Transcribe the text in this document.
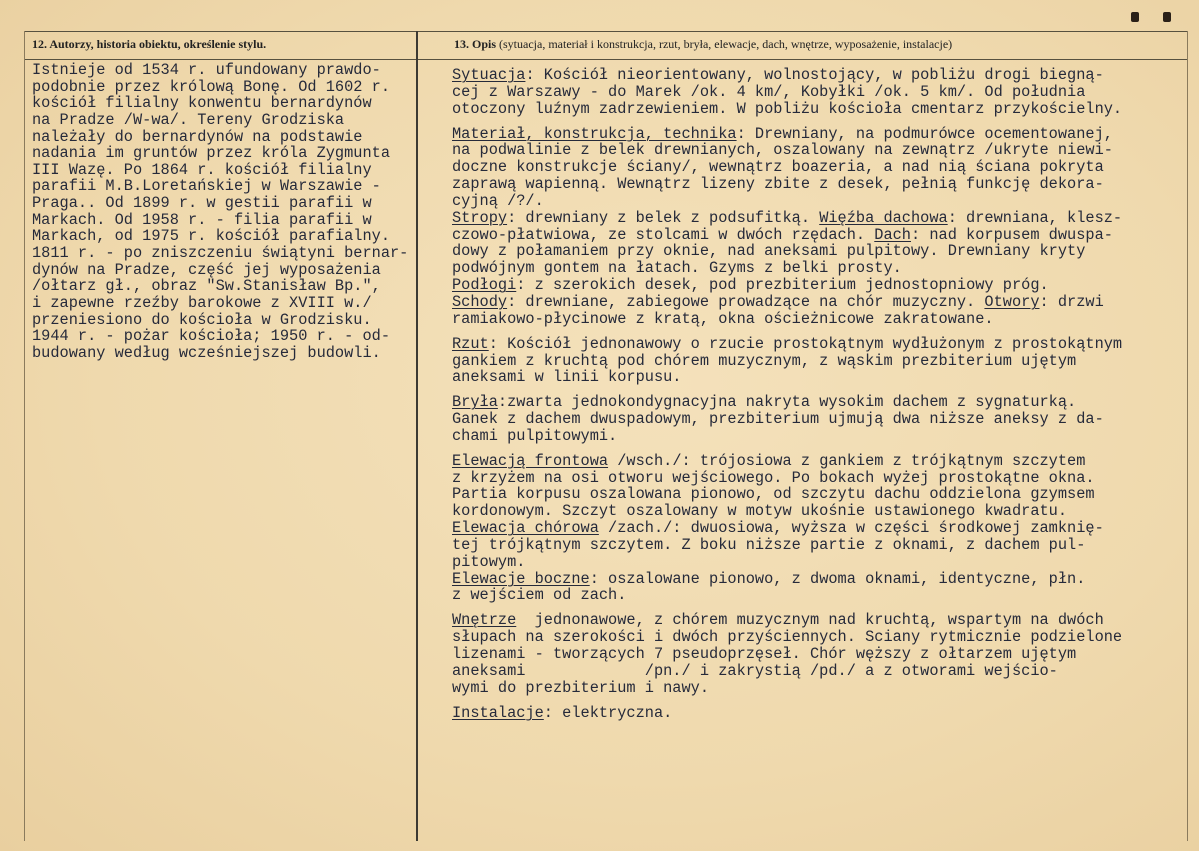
12. Autorzy, historia obiektu, określenie stylu.	13. Opis (sytuacja, materiał i konstrukcja, rzut, bryła, elewacje, dach, wnętrze, wyposażenie, instalacje)
Istnieje od 1534 r. ufundowany prawdo-
podobnie przez królową Bonę. Od 1602 r.
kościół filialny konwentu bernardynów
na Pradze /W-wa/. Tereny Grodziska
należały do bernardynów na podstawie
nadania im gruntów przez króla Zygmunta
III Wazę. Po 1864 r. kościół filialny
parafii M.B.Loretańskiej w Warszawie -
Praga.. Od 1899 r. w gestii parafii w
Markach. Od 1958 r. - filia parafii w
Markach, od 1975 r. kościół parafialny.
1811 r. - po zniszczeniu świątyni bernar-
dynów na Pradze, część jej wyposażenia
/ołtarz gł., obraz "Sw.Stanisław Bp.",
i zapewne rzeźby barokowe z XVIII w./
przeniesiono do kościoła w Grodzisku.
1944 r. - pożar kościoła; 1950 r. - od-
budowany według wcześniejszej budowli.
Sytuacja: Kościół nieorientowany, wolnostojący, w pobliżu drogi biegną-
cej z Warszawy - do Marek /ok. 4 km/, Kobyłki /ok. 5 km/. Od południa
otoczony luźnym zadrzewieniem. W pobliżu kościoła cmentarz przykościelny.
Materiał, konstrukcja, technika: Drewniany, na podmurówce ocementowanej,
na podwalinie z belek drewnianych, oszalowany na zewnątrz /ukryte niewi-
doczne konstrukcje ściany/, wewnątrz boazeria, a nad nią ściana pokryta
zaprawą wapienną. Wewnątrz lizeny zbite z desek, pełnią funkcję dekora-
cyjną /?/.
Stropy: drewniany z belek z podsufitką. Więźba dachowa: drewniana, klesz-
czowo-płatwiowa, ze stolcami w dwóch rzędach. Dach: nad korpusem dwuspa-
dowy z połamaniem przy oknie, nad aneksami pulpitowy. Drewniany kryty
podwójnym gontem na łatach. Gzyms z belki prosty.
Podłogi: z szerokich desek, pod prezbiterium jednostopniowy próg.
Schody: drewniane, zabiegowe prowadzące na chór muzyczny. Otwory: drzwi
ramiakowo-płycinowe z kratą, okna ościeżnicowe zakratowane.
Rzut: Kościół jednonawowy o rzucie prostokątnym wydłużonym z prostokątnym
gankiem z kruchtą pod chórem muzycznym, z wąskim prezbiterium ujętym
aneksami w linii korpusu.
Bryła:zwarta jednokondygnacyjna nakryta wysokim dachem z sygnaturką.
Ganek z dachem dwuspadowym, prezbiterium ujmują dwa niższe aneksy z da-
chami pulpitowymi.
Elewacją frontowa /wsch./: trójosiowa z gankiem z trójkątnym szczytem
z krzyżem na osi otworu wejściowego. Po bokach wyżej prostokątne okna.
Partia korpusu oszalowana pionowo, od szczytu dachu oddzielona gzymsem
kordonowym. Szczyt oszalowany w motyw ukośnie ustawionego kwadratu.
Elewacja chórowa /zach./: dwuosiowa, wyższa w części środkowej zamknię-
tej trójkątnym szczytem. Z boku niższe partie z oknami, z dachem pul-
pitowym.
Elewacje boczne: oszalowane pionowo, z dwoma oknami, identyczne, płn.
z wejściem od zach.
Wnętrze  jednonawowe, z chórem muzycznym nad kruchtą, wspartym na dwóch
słupach na szerokości i dwóch przyściennych. Sciany rytmicznie podzielone
lizenami - tworzących 7 pseudoprzęseł. Chór węższy z ołtarzem ujętym
aneksami             /pn./ i zakrystią /pd./ a z otworami wejścio-
wymi do prezbiterium i nawy.
Instalacje: elektryczna.
